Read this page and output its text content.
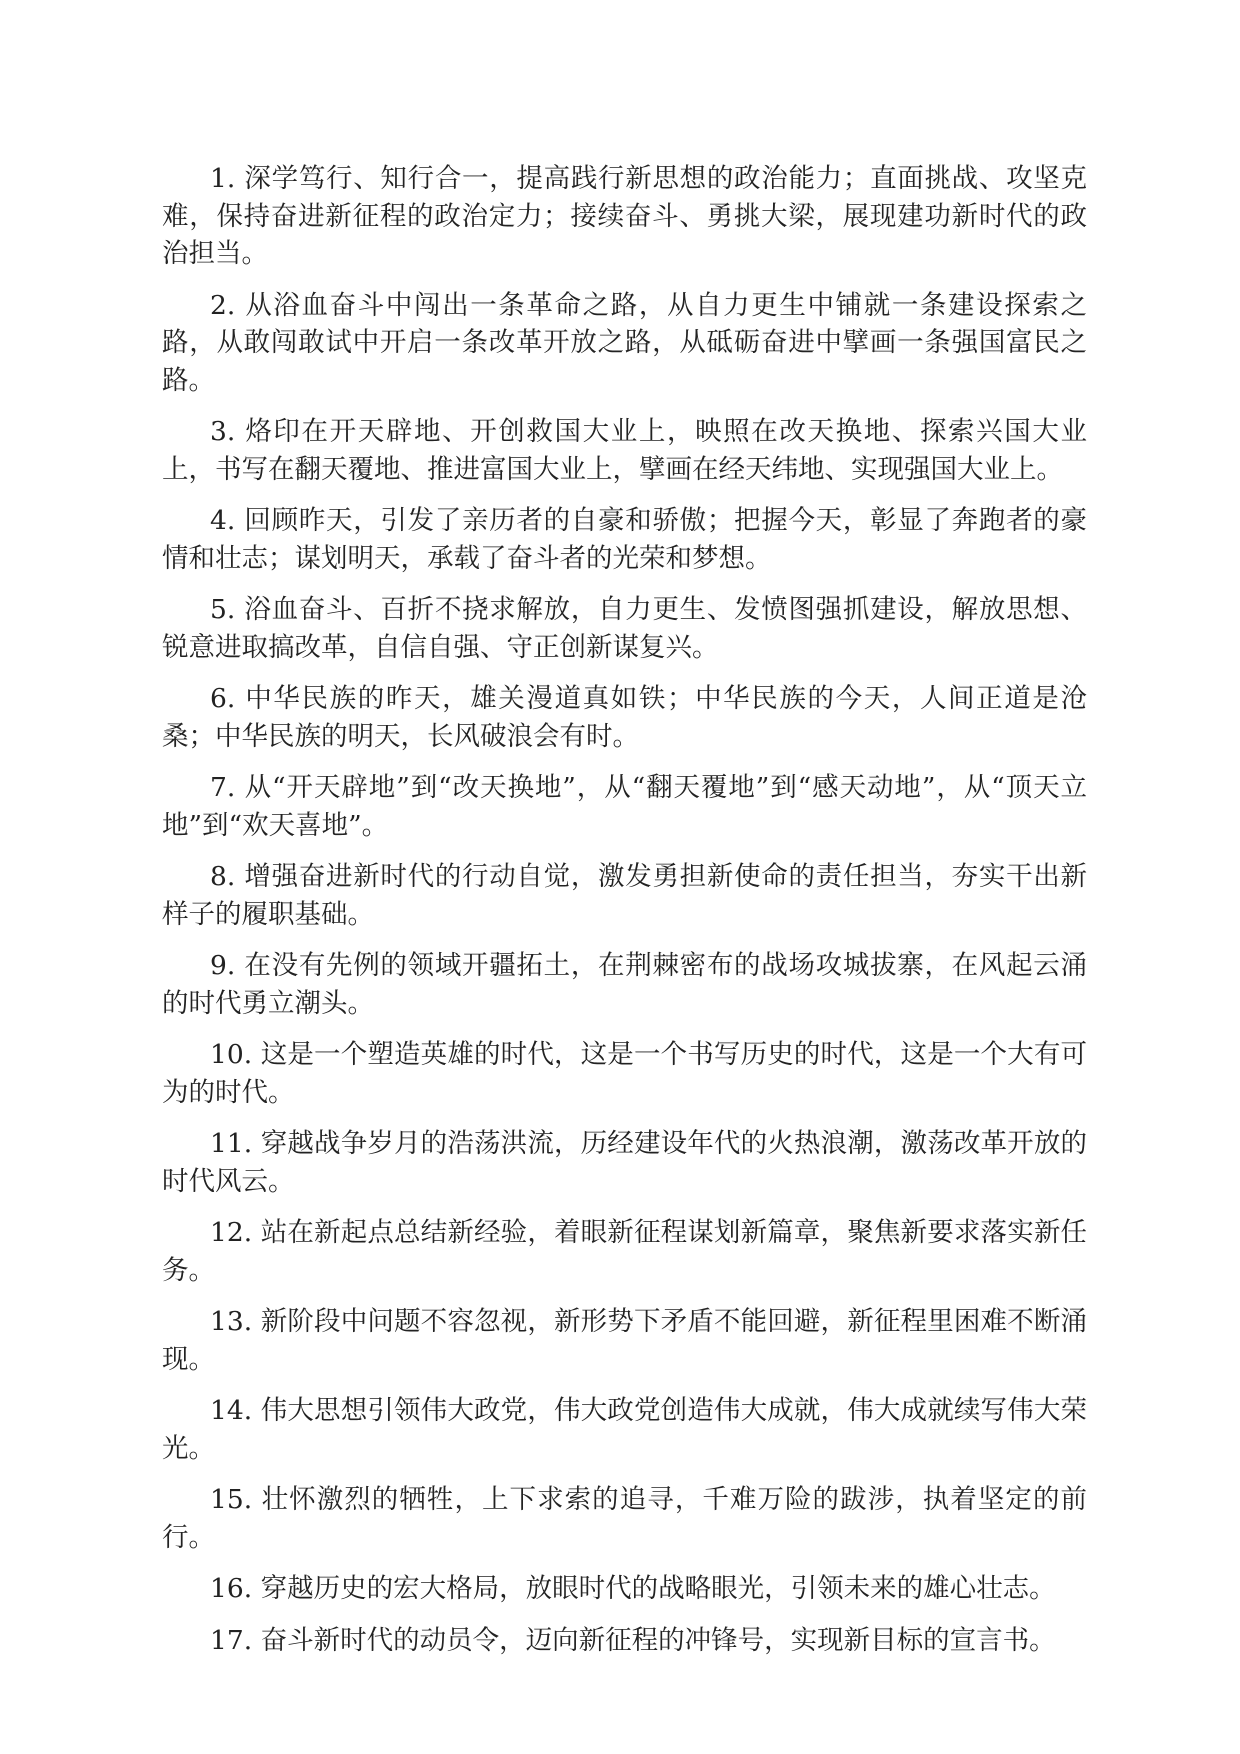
1. 深学笃行、知行合一，提高践行新思想的政治能力；直面挑战、攻坚克难，保持奋进新征程的政治定力；接续奋斗、勇挑大梁，展现建功新时代的政治担当。

2. 从浴血奋斗中闯出一条革命之路，从自力更生中铺就一条建设探索之路，从敢闯敢试中开启一条改革开放之路，从砥砺奋进中擘画一条强国富民之路。

3. 烙印在开天辟地、开创救国大业上，映照在改天换地、探索兴国大业上，书写在翻天覆地、推进富国大业上，擘画在经天纬地、实现强国大业上。

4. 回顾昨天，引发了亲历者的自豪和骄傲；把握今天，彰显了奔跑者的豪情和壮志；谋划明天，承载了奋斗者的光荣和梦想。

5. 浴血奋斗、百折不挠求解放，自力更生、发愤图强抓建设，解放思想、锐意进取搞改革，自信自强、守正创新谋复兴。

6. 中华民族的昨天，雄关漫道真如铁；中华民族的今天，人间正道是沧桑；中华民族的明天，长风破浪会有时。

7. 从“开天辟地”到“改天换地”，从“翻天覆地”到“感天动地”，从“顶天立地”到“欢天喜地”。

8. 增强奋进新时代的行动自觉，激发勇担新使命的责任担当，夯实干出新样子的履职基础。

9. 在没有先例的领域开疆拓土，在荆棘密布的战场攻城拔寨，在风起云涌的时代勇立潮头。

10. 这是一个塑造英雄的时代，这是一个书写历史的时代，这是一个大有可为的时代。

11. 穿越战争岁月的浩荡洪流，历经建设年代的火热浪潮，激荡改革开放的时代风云。

12. 站在新起点总结新经验，着眼新征程谋划新篇章，聚焦新要求落实新任务。

13. 新阶段中问题不容忽视，新形势下矛盾不能回避，新征程里困难不断涌现。

14. 伟大思想引领伟大政党，伟大政党创造伟大成就，伟大成就续写伟大荣光。

15. 壮怀激烈的牺牲，上下求索的追寻，千难万险的跋涉，执着坚定的前行。

16. 穿越历史的宏大格局，放眼时代的战略眼光，引领未来的雄心壮志。

17. 奋斗新时代的动员令，迈向新征程的冲锋号，实现新目标的宣言书。
